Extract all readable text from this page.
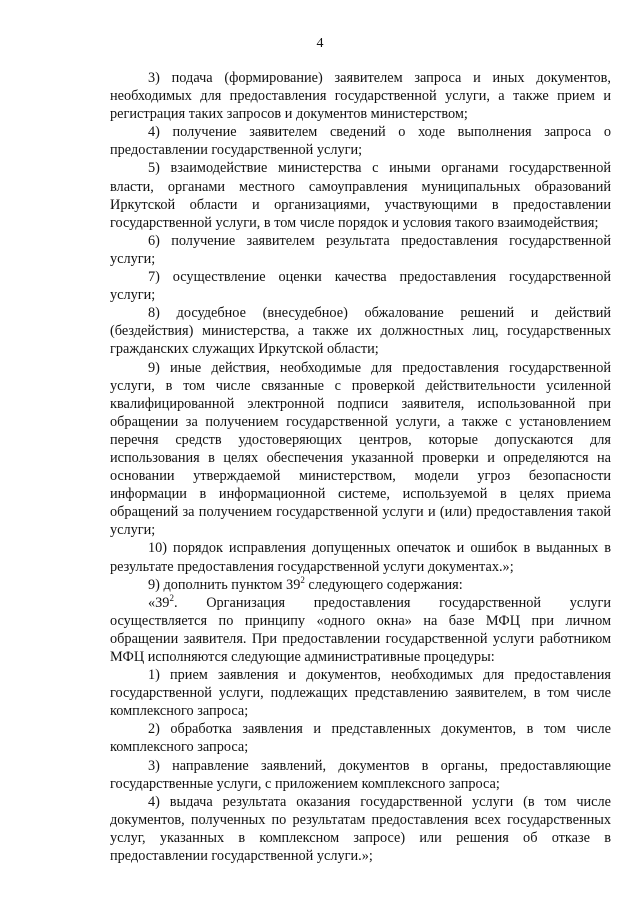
4

3) подача (формирование) заявителем запроса и иных документов, необходимых для предоставления государственной услуги, а также прием и регистрация таких запросов и документов министерством;

4) получение заявителем сведений о ходе выполнения запроса о предоставлении государственной услуги;

5) взаимодействие министерства с иными органами государственной власти, органами местного самоуправления муниципальных образований Иркутской области и организациями, участвующими в предоставлении государственной услуги, в том числе порядок и условия такого взаимодействия;

6) получение заявителем результата предоставления государственной услуги;

7) осуществление оценки качества предоставления государственной услуги;

8) досудебное (внесудебное) обжалование решений и действий (бездействия) министерства, а также их должностных лиц, государственных гражданских служащих Иркутской области;

9) иные действия, необходимые для предоставления государственной услуги, в том числе связанные с проверкой действительности усиленной квалифицированной электронной подписи заявителя, использованной при обращении за получением государственной услуги, а также с установлением перечня средств удостоверяющих центров, которые допускаются для использования в целях обеспечения указанной проверки и определяются на основании утверждаемой министерством, модели угроз безопасности информации в информационной системе, используемой в целях приема обращений за получением государственной услуги и (или) предоставления такой услуги;

10) порядок исправления допущенных опечаток и ошибок в выданных в результате предоставления государственной услуги документах.»;

9) дополнить пунктом $39^2$ следующего содержания:

«$39^2$. Организация предоставления государственной услуги осуществляется по принципу «одного окна» на базе МФЦ при личном обращении заявителя. При предоставлении государственной услуги работником МФЦ исполняются следующие административные процедуры:

1) прием заявления и документов, необходимых для предоставления государственной услуги, подлежащих представлению заявителем, в том числе комплексного запроса;

2) обработка заявления и представленных документов, в том числе комплексного запроса;

3) направление заявлений, документов в органы, предоставляющие государственные услуги, с приложением комплексного запроса;

4) выдача результата оказания государственной услуги (в том числе документов, полученных по результатам предоставления всех государственных услуг, указанных в комплексном запросе) или решения об отказе в предоставлении государственной услуги.»;
